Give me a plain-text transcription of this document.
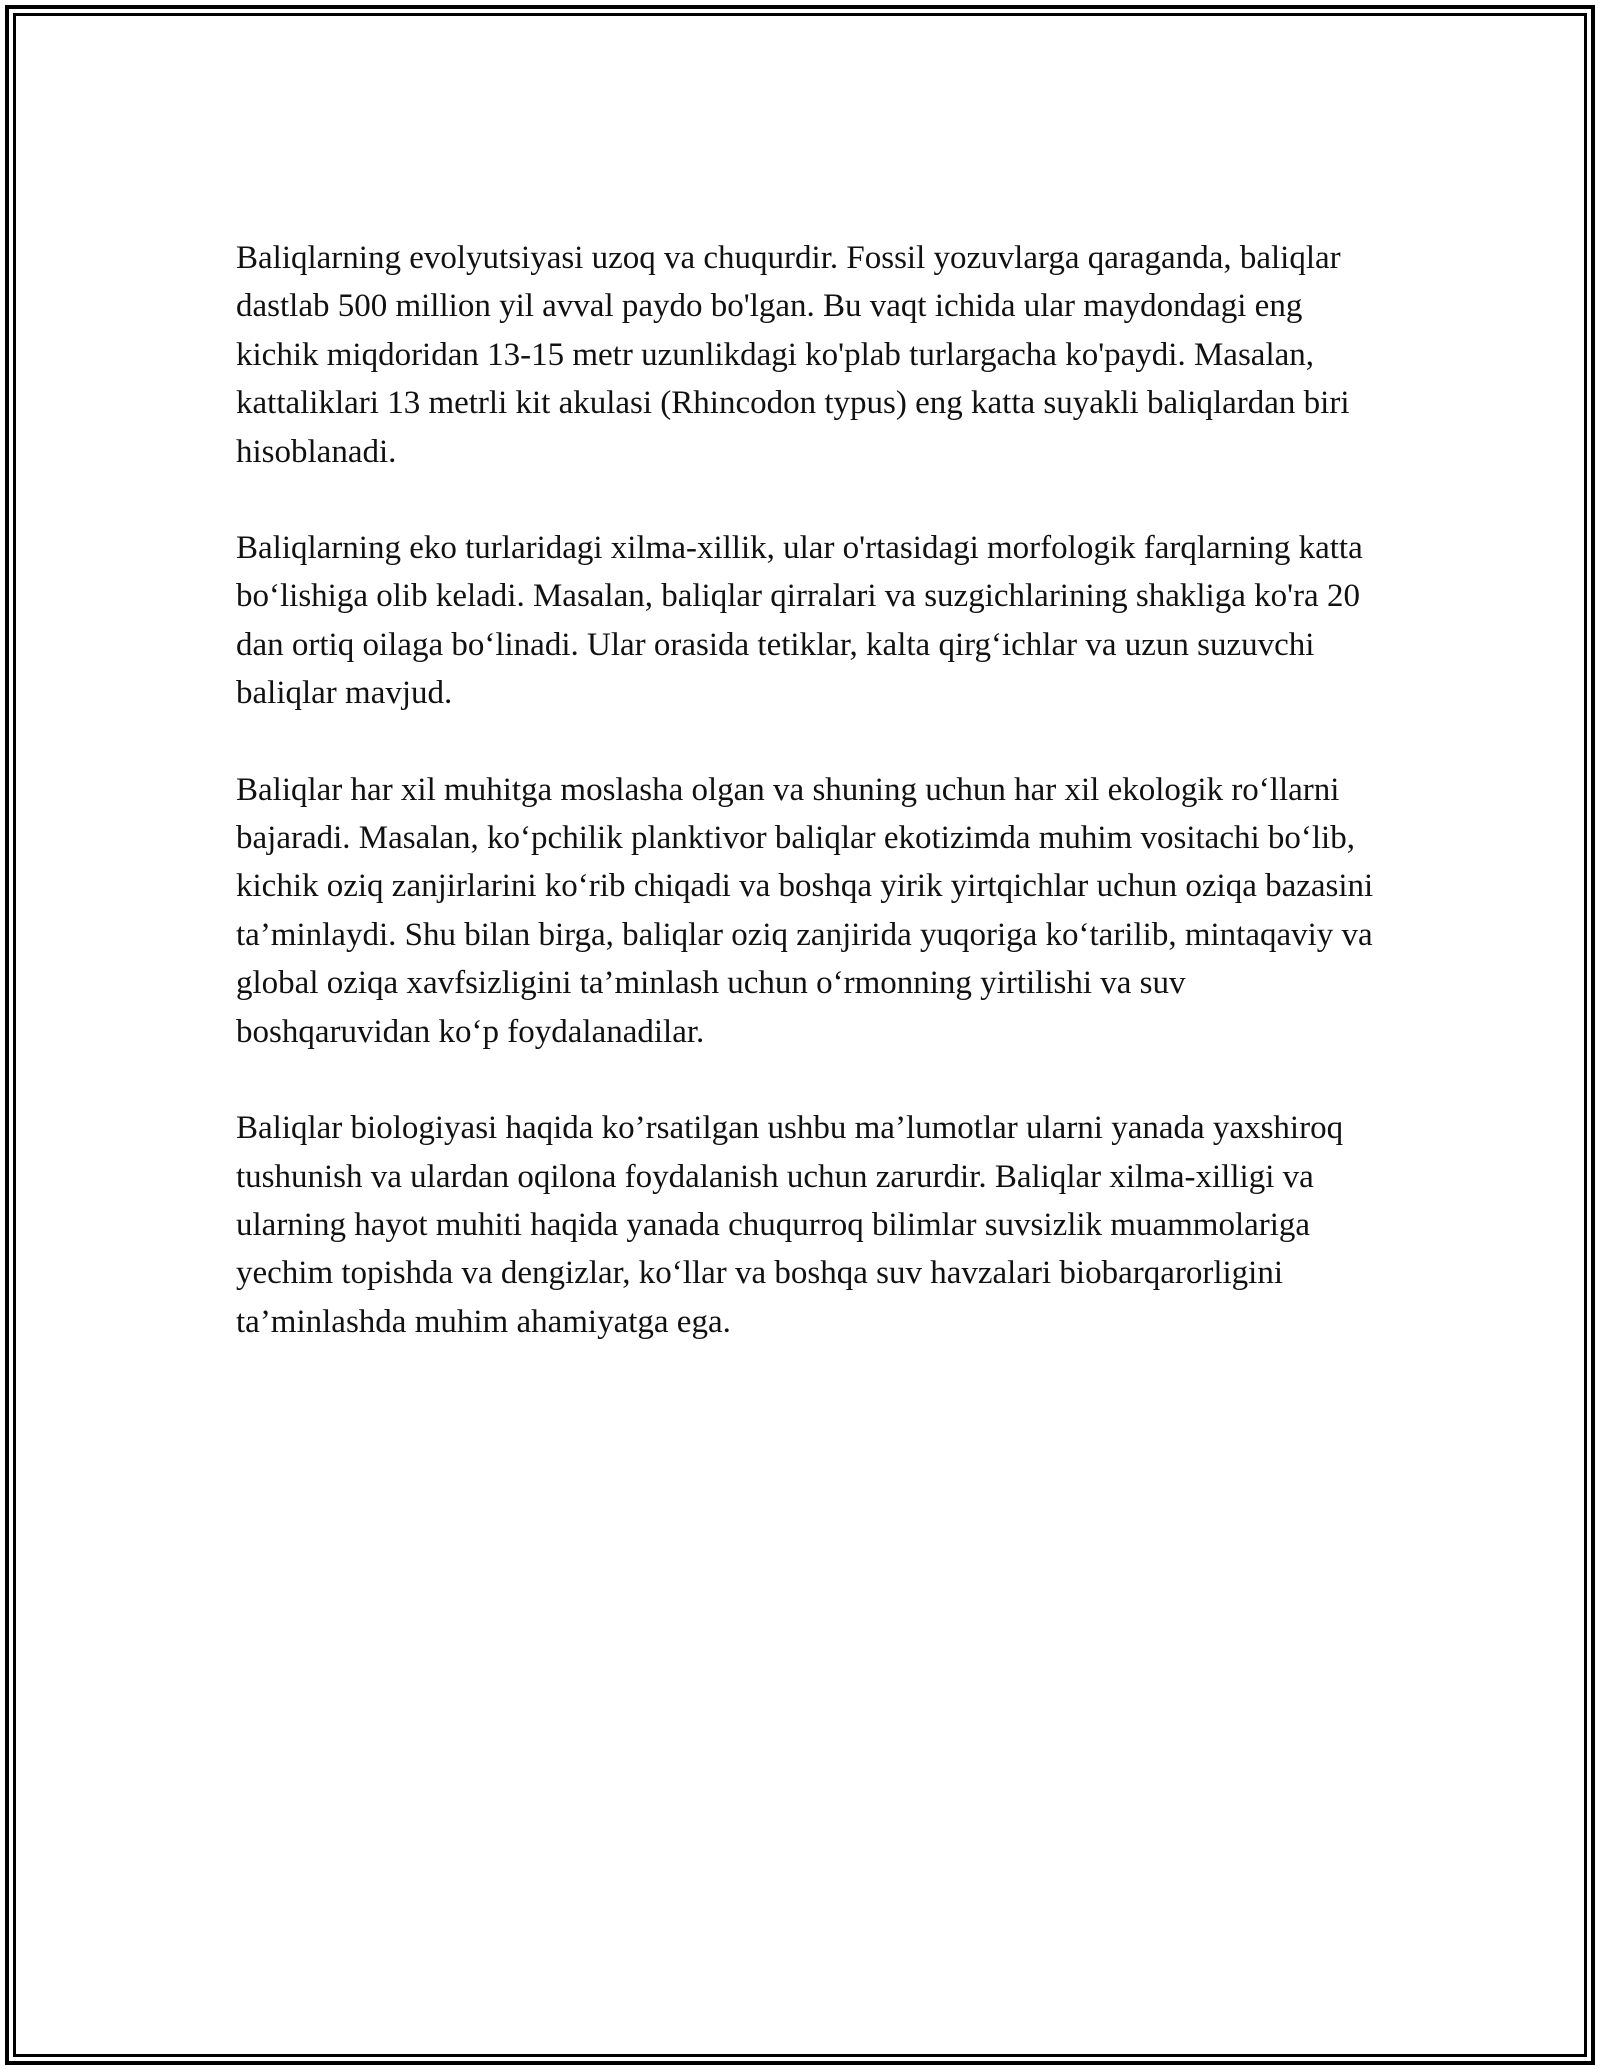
Baliqlarning evolyutsiyasi uzoq va chuqurdir. Fossil yozuvlarga qaraganda, baliqlar dastlab 500 million yil avval paydo bo'lgan. Bu vaqt ichida ular maydondagi eng kichik miqdoridan 13-15 metr uzunlikdagi ko'plab turlargacha ko'paydi. Masalan, kattaliklari 13 metrli kit akulasi (Rhincodon typus) eng katta suyakli baliqlardan biri hisoblanadi.

Baliqlarning eko turlaridagi xilma-xillik, ular o'rtasidagi morfologik farqlarning katta bo‘lishiga olib keladi. Masalan, baliqlar qirralari va suzgichlarining shakliga ko'ra 20 dan ortiq oilaga bo‘linadi. Ular orasida tetiklar, kalta qirg‘ichlar va uzun suzuvchi baliqlar mavjud.

Baliqlar har xil muhitga moslasha olgan va shuning uchun har xil ekologik ro‘llarni bajaradi. Masalan, ko‘pchilik planktivor baliqlar ekotizimda muhim vositachi bo‘lib, kichik oziq zanjirlarini ko‘rib chiqadi va boshqa yirik yirtqichlar uchun oziqa bazasini ta’minlaydi. Shu bilan birga, baliqlar oziq zanjirida yuqoriga ko‘tarilib, mintaqaviy va global oziqa xavfsizligini ta’minlash uchun o‘rmonning yirtilishi va suv boshqaruvidan ko‘p foydalanadilar.

Baliqlar biologiyasi haqida ko’rsatilgan ushbu ma’lumotlar ularni yanada yaxshiroq tushunish va ulardan oqilona foydalanish uchun zarurdir. Baliqlar xilma-xilligi va ularning hayot muhiti haqida yanada chuqurroq bilimlar suvsizlik muammolariga yechim topishda va dengizlar, ko‘llar va boshqa suv havzalari biobarqarorligini ta’minlashda muhim ahamiyatga ega.
